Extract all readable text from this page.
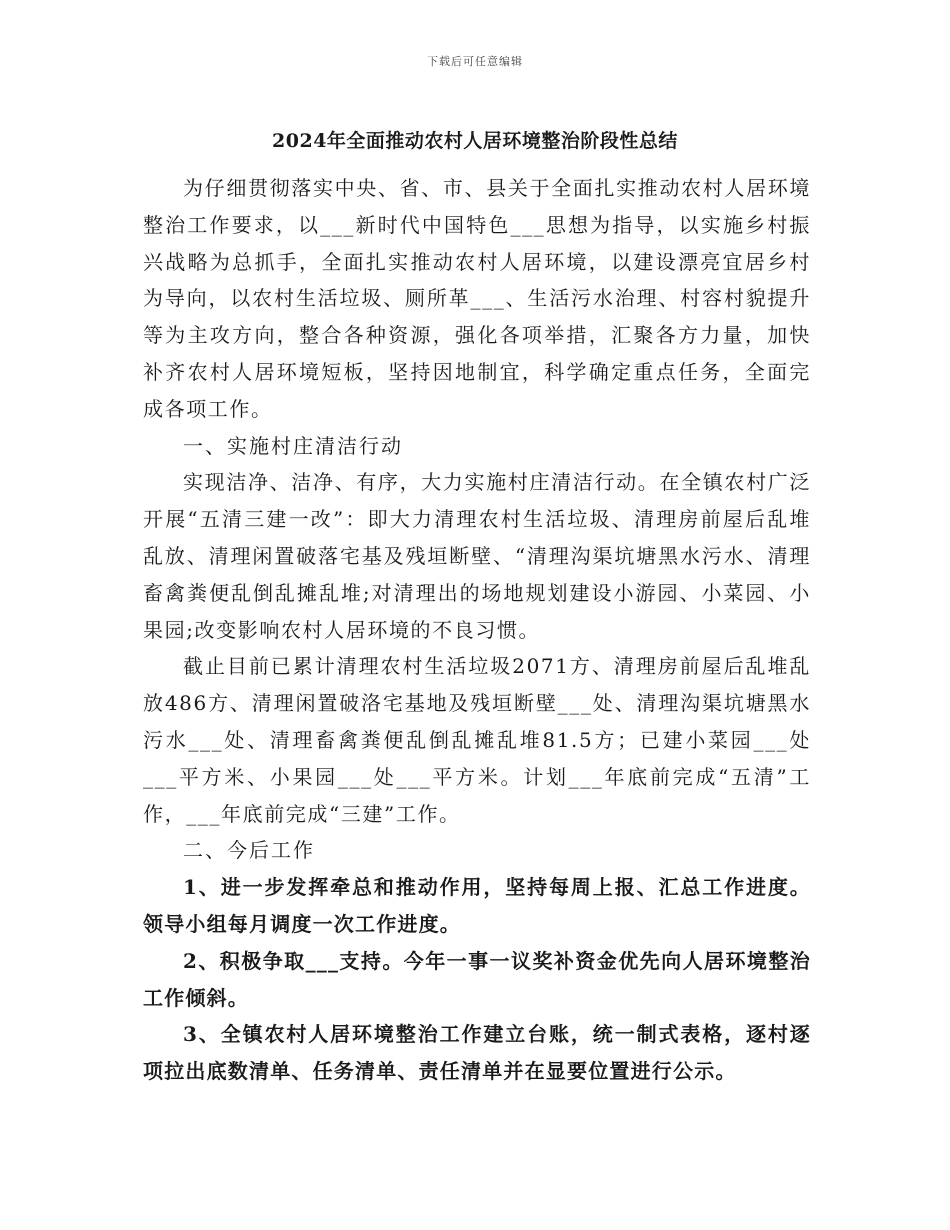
下载后可任意编辑
2024年全面推动农村人居环境整治阶段性总结

为仔细贯彻落实中央、省、市、县关于全面扎实推动农村人居环境整治工作要求，以___新时代中国特色___思想为指导，以实施乡村振兴战略为总抓手，全面扎实推动农村人居环境，以建设漂亮宜居乡村为导向，以农村生活垃圾、厕所革___、生活污水治理、村容村貌提升等为主攻方向，整合各种资源，强化各项举措，汇聚各方力量，加快补齐农村人居环境短板，坚持因地制宜，科学确定重点任务，全面完成各项工作。

一、实施村庄清洁行动

实现洁净、洁净、有序，大力实施村庄清洁行动。在全镇农村广泛开展“五清三建一改”：即大力清理农村生活垃圾、清理房前屋后乱堆乱放、清理闲置破落宅基及残垣断壁、“清理沟渠坑塘黑水污水、清理畜禽粪便乱倒乱摊乱堆;对清理出的场地规划建设小游园、小菜园、小果园;改变影响农村人居环境的不良习惯。

截止目前已累计清理农村生活垃圾2071方、清理房前屋后乱堆乱放486方、清理闲置破洛宅基地及残垣断壁___处、清理沟渠坑塘黑水污水___处、清理畜禽粪便乱倒乱摊乱堆81.5方；已建小菜园___处___平方米、小果园___处___平方米。计划___年底前完成“五清”工作，___年底前完成“三建”工作。

二、今后工作

1、进一步发挥牵总和推动作用，坚持每周上报、汇总工作进度。领导小组每月调度一次工作进度。

2、积极争取___支持。今年一事一议奖补资金优先向人居环境整治工作倾斜。

3、全镇农村人居环境整治工作建立台账，统一制式表格，逐村逐项拉出底数清单、任务清单、责任清单并在显要位置进行公示。
